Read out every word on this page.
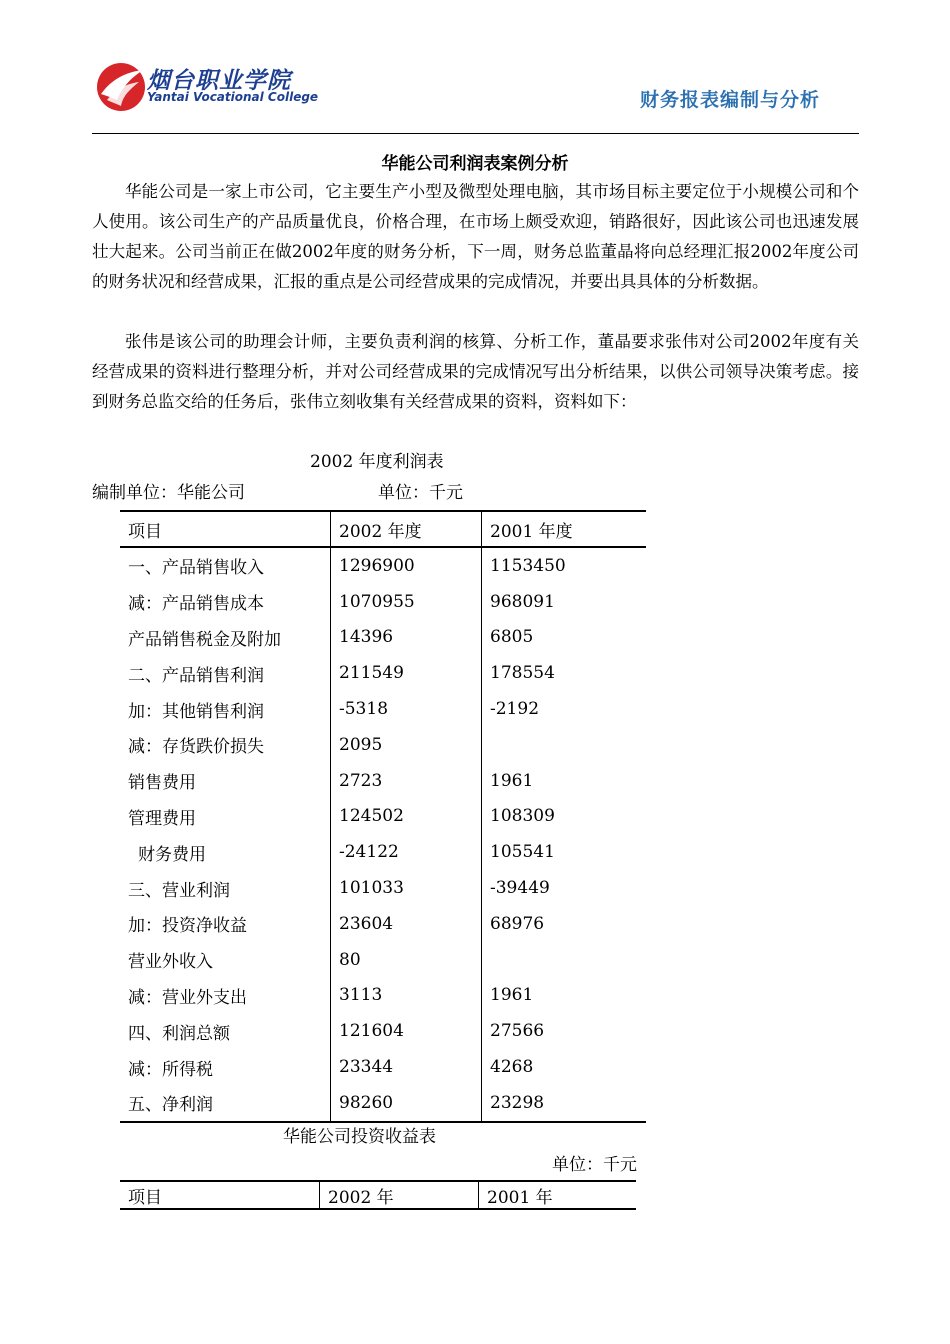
烟台职业学院
Yantai Vocational College	财务报表编制与分析
华能公司利润表案例分析

华能公司是一家上市公司，它主要生产小型及微型处理电脑，其市场目标主要定位于小规模公司和个人使用。该公司生产的产品质量优良，价格合理，在市场上颇受欢迎，销路很好，因此该公司也迅速发展壮大起来。公司当前正在做2002年度的财务分析，下一周，财务总监董晶将向总经理汇报2002年度公司的财务状况和经营成果，汇报的重点是公司经营成果的完成情况，并要出具具体的分析数据。

张伟是该公司的助理会计师，主要负责利润的核算、分析工作，董晶要求张伟对公司2002年度有关经营成果的资料进行整理分析，并对公司经营成果的完成情况写出分析结果，以供公司领导决策考虑。接到财务总监交给的任务后，张伟立刻收集有关经营成果的资料，资料如下：

2002 年度利润表
编制单位：华能公司	单位：千元
项目	2002 年度	2001 年度
一、产品销售收入	1296900	1153450
减：产品销售成本	1070955	968091
产品销售税金及附加	14396	6805
二、产品销售利润	211549	178554
加：其他销售利润	-5318	-2192
减：存货跌价损失	2095	
销售费用	2723	1961
管理费用	124502	108309
财务费用	-24122	105541
三、营业利润	101033	-39449
加：投资净收益	23604	68976
营业外收入	80	
减：营业外支出	3113	1961
四、利润总额	121604	27566
减：所得税	23344	4268
五、净利润	98260	23298
华能公司投资收益表
单位：千元
项目	2002 年	2001 年
